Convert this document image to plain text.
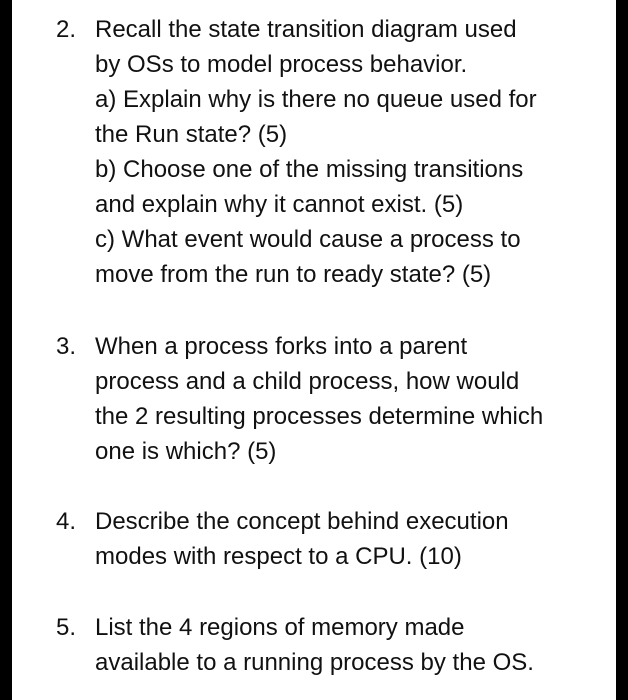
2. Recall the state transition diagram used
by OSs to model process behavior.
a) Explain why is there no queue used for
the Run state? (5)
b) Choose one of the missing transitions
and explain why it cannot exist. (5)
c) What event would cause a process to
move from the run to ready state? (5)
3. When a process forks into a parent
process and a child process, how would
the 2 resulting processes determine which
one is which? (5)
4. Describe the concept behind execution
modes with respect to a CPU. (10)
5. List the 4 regions of memory made
available to a running process by the OS.
